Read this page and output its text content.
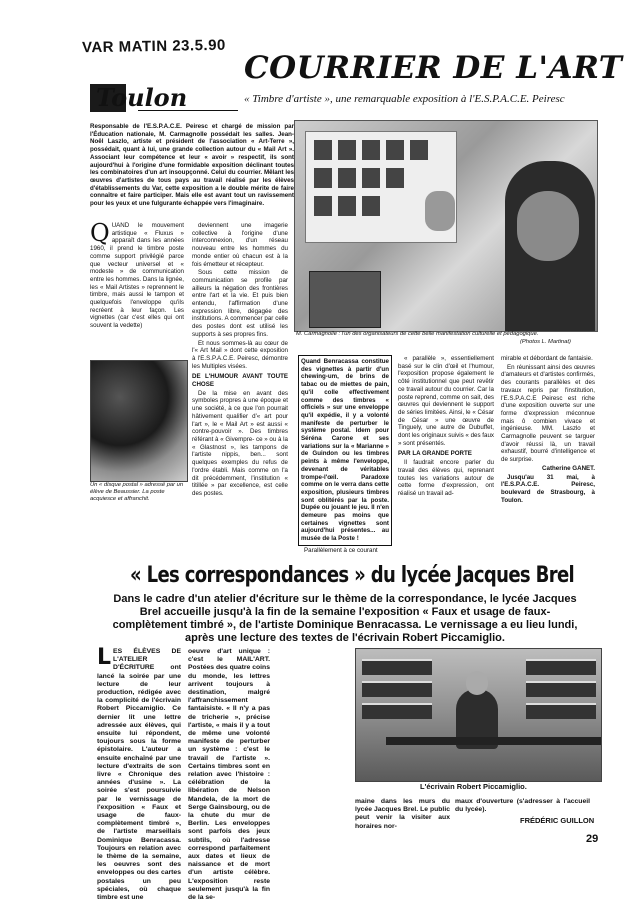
VAR MATIN 23.5.90
COURRIER DE L'ART
« Timbre d'artiste », une remarquable exposition à l'E.S.P.A.C.E. Peiresc
Toulon
Responsable de l'E.S.P.A.C.E. Peiresc et chargé de mission par l'Éducation nationale, M. Carmagnolle possédait les salles. Jean-Noël Laszlo, artiste et président de l'association « Art-Terre », possédait, quant à lui, une grande collection autour du « Mail Art ». Associant leur compétence et leur « avoir » respectif, ils sont aujourd'hui à l'origine d'une formidable exposition déclinant toutes les combinatoires d'un art insoupçonné. Celui du courrier. Mêlant les œuvres d'artistes de tous pays au travail réalisé par les élèves d'établissements du Var, cette exposition a le double mérite de faire connaître et faire participer. Mais elle est avant tout un ravissement pour les yeux et une fulgurante échappée vers l'imaginaire.
Q UAND le mouvement artistique « Fluxus » apparaît dans les années 1960, il prend le timbre poste comme support privilégié parce que vecteur universel et « modeste » de communication entre les hommes. Dans la lignée, les « Mail Artistes » reprennent le timbre, mais aussi le tampon et quelquefois l'enveloppe qu'ils recréent à leur façon. Les vignettes (car c'est elles qui ont souvent la vedette)

Un « disque postal » adressé par un élève de Beaussier. La poste acquiesce et affranchit.

deviennent une imagerie collective à l'origine d'une interconnexion, d'un réseau nouveau entre les hommes du monde entier où chacun est à la fois émetteur et récepteur.

Sous cette mission de communication se profile par ailleurs la négation des frontières entre l'art et la vie. Et puis bien entendu, l'affirmation d'une expression libre, dégagée des institutions. A commencer par celle des postes dont est utilisé les supports à ses propres fins.

Et nous sommes-là au cœur de l'« Art Mail » dont cette exposition à l'E.S.P.A.C.E. Peiresc, démontre les Multiples visées.

DE L'HUMOUR AVANT TOUTE CHOSE

De la mise en avant des symboles propres à une époque et une société, à ce que l'on pourrait hâtivement qualifier d'« art pour l'art », le « Mail Art » est aussi « contre-pouvoir ». Des timbres référant à « Givempre- ce » ou à la « Glastnost », les tampons de l'artiste nippis, ben... sont quelques exemples du refus de l'ordre établi. Mais comme on l'a dit précédemment, l'institution « titillée » par excellence, est celle des postes.

M. Carmagnolle : l'un des organisateurs de cette belle manifestation culturelle et pédagogique.
(Photos L. Martinat)

Quand Benracassa constitue des vignettes à partir d'un chewing-um, de brins de tabac ou de miettes de pain, qu'il colle effectivement comme des timbres « officiels » sur une enveloppe qu'il expédie, il y a volonté manifeste de perturber le système postal. Idem pour Séréna Carone et ses variations sur la « Marianne » de Guindon ou les timbres peints à même l'enveloppe, devenant de véritables trompe-l'œil. Paradoxe comme on le verra dans cette exposition, plusieurs timbres sont oblitérés par la poste. Dupée ou jouant le jeu. Il n'en demeure pas moins que certaines vignettes sont aujourd'hui présentes... au musée de la Poste !

Parallèlement à ce courant

« parallèle », essentiellement basé sur le clin d'œil et l'humour, l'exposition propose également le côté institutionnel que peut revêtir ce travail autour du courrier. Car la poste reprend, comme on sait, des œuvres qui deviennent le support de séries limitées. Ainsi, le « César de César » une œuvre de Tinguely, une autre de Dubuffet, dont les originaux suivis « des faux » sont présentés.

PAR LA GRANDE PORTE

Il faudrait encore parler du travail des élèves qui, reprenant toutes les variations autour de cette forme d'expression, ont réalisé un travail ad-

mirable et débordant de fantaisie.

En réunissant ainsi des œuvres d'amateurs et d'artistes confirmés, des courants parallèles et des travaux repris par l'institution, l'E.S.P.A.C.E Peiresc est riche d'une exposition ouverte sur une forme d'expression méconnue mais ô combien vivace et ingénieuse. MM. Laszlo et Carmagnolle peuvent se targuer d'avoir réussi là, un travail exhaustif, bourré d'intelligence et de surprise.

Catherine GANET.

Jusqu'au 31 mai, à l'E.S.P.A.C.E. Peiresc, boulevard de Strasbourg, à Toulon.

« Les correspondances » du lycée Jacques Brel
Dans le cadre d'un atelier d'écriture sur le thème de la correspondance, le lycée Jacques Brel accueille jusqu'à la fin de la semaine l'exposition « Faux et usage de faux-complètement timbré », de l'artiste Dominique Benracassa. Le vernissage a eu lieu lundi, après une lecture des textes de l'écrivain Robert Piccamiglio.
L ES ÉLÈVES DE L'ATELIER D'ÉCRITURE ont lancé la soirée par une lecture de leur production, rédigée avec la complicité de l'écrivain Robert Piccamiglio. Ce dernier lit une lettre adressée aux élèves, qui ensuite lui répondent, toujours sous la forme épistolaire. L'auteur a ensuite enchaîné par une lecture d'extraits de son livre « Chronique des années d'usine ». La soirée s'est poursuivie par le vernissage de l'exposition « Faux et usage de faux-complètement timbré », de l'artiste marseillais Dominique Benracassa. Toujours en relation avec le thème de la semaine, les oeuvres sont des enveloppes ou des cartes postales un peu spéciales, où chaque timbre est une

oeuvre d'art unique : c'est le MAIL'ART. Postées des quatre coins du monde, les lettres arrivent toujours à destination, malgré l'affranchissement fantaisiste. « Il n'y a pas de tricherie », précise l'artiste, « mais il y a tout de même une volonté manifeste de perturber un système : c'est le travail de l'artiste ». Certains timbres sont en relation avec l'histoire : célébration de la libération de Nelson Mandela, de la mort de Serge Gainsbourg, ou de la chute du mur de Berlin. Les enveloppes sont parfois des jeux subtils, où l'adresse correspond parfaitement aux dates et lieux de naissance et de mort d'un artiste célèbre. L'exposition reste seulement jusqu'à la fin de la se-

L'écrivain Robert Piccamiglio.

maine dans les murs du lycée Jacques Brel. Le public peut venir la visiter aux horaires nor-

maux d'ouverture (s'adresser à l'accueil du lycée).

FRÉDÉRIC GUILLON
29
